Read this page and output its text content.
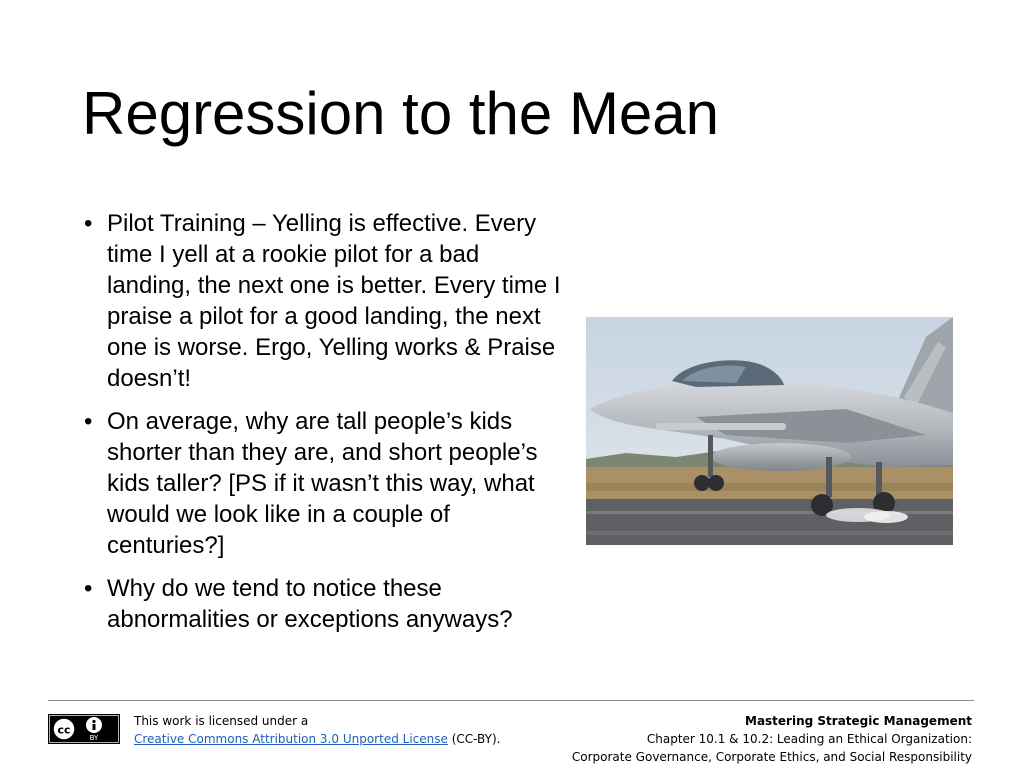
Regression to the Mean
• Pilot Training – Yelling is effective. Every time I yell at a rookie pilot for a bad landing, the next one is better. Every time I praise a pilot for a good landing, the next one is worse. Ergo, Yelling works & Praise doesn’t!
• On average, why are tall people’s kids shorter than they are, and short people’s kids taller? [PS if it wasn’t this way, what would we look like in a couple of centuries?]
• Why do we tend to notice these abnormalities or exceptions anyways?
cc
BY
This work is licensed under a
Creative Commons Attribution 3.0 Unported License (CC-BY).
Mastering Strategic Management
Chapter 10.1 & 10.2: Leading an Ethical Organization:
Corporate Governance, Corporate Ethics, and Social Responsibility
